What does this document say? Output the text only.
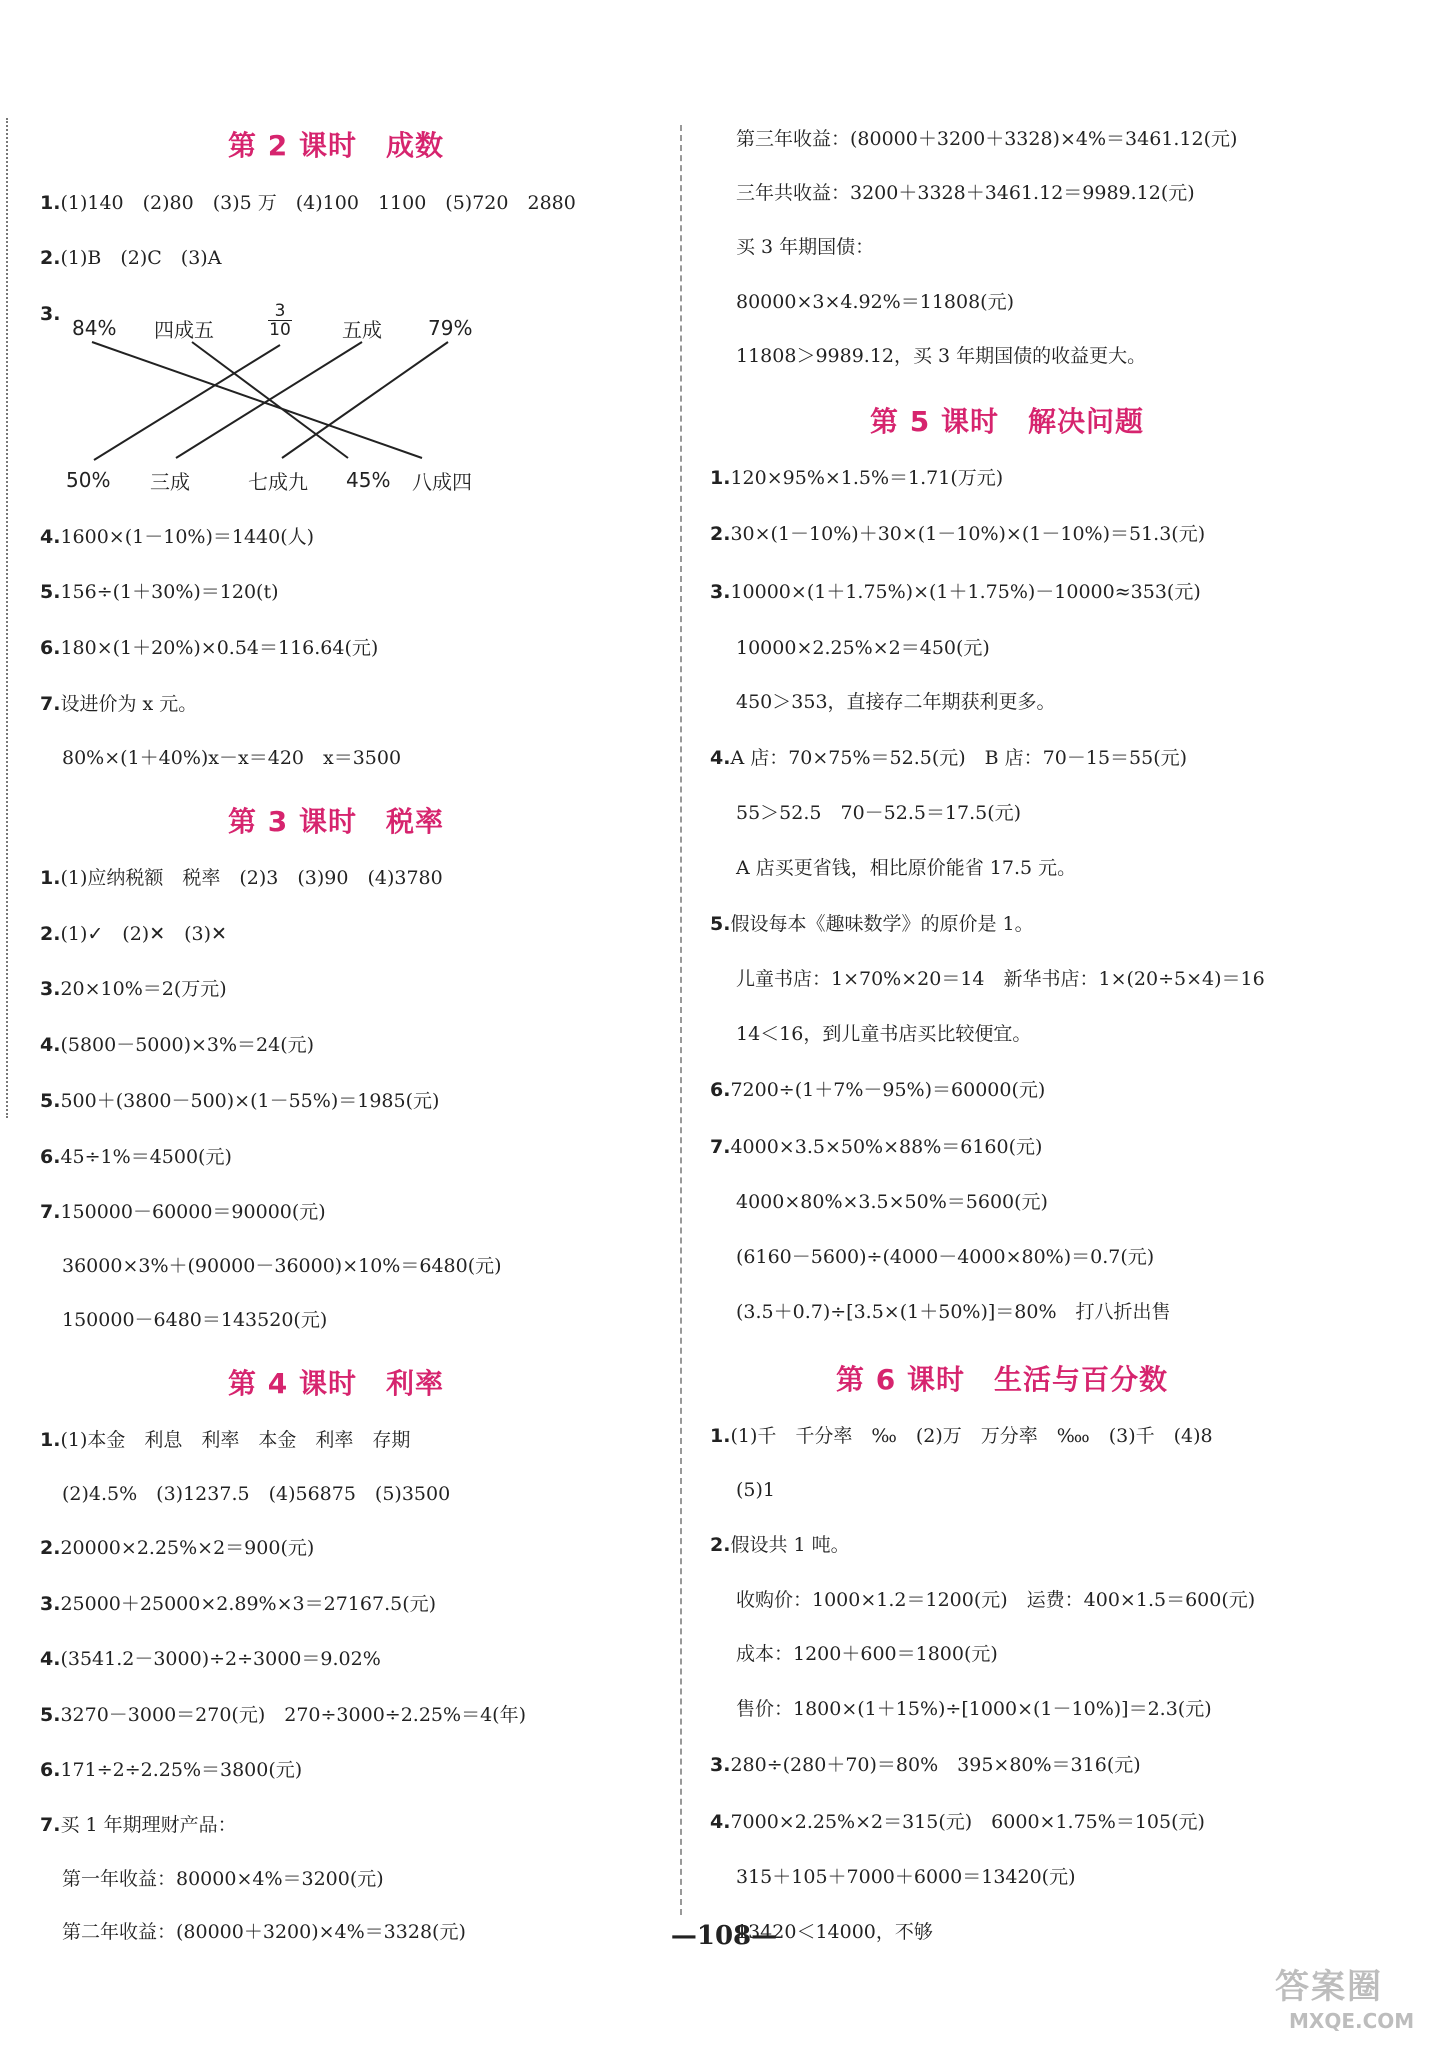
第 2 课时　成数
1.(1)140　(2)80　(3)5 万　(4)100　1100　(5)720　2880
2.(1)B　(2)C　(3)A
3.
84% 四成五	$\frac{3}{10}$	五成 79%
50% 三成	七成九 45% 八成四
4.1600×(1－10%)＝1440(人)
5.156÷(1＋30%)＝120(t)
6.180×(1＋20%)×0.54＝116.64(元)
7.设进价为 x 元。
80%×(1＋40%)x－x＝420　x＝3500
第 3 课时　税率
1.(1)应纳税额　税率　(2)3　(3)90　(4)3780
2.(1)✓　(2)✕　(3)✕
3.20×10%＝2(万元)
4.(5800－5000)×3%＝24(元)
5.500＋(3800－500)×(1－55%)＝1985(元)
6.45÷1%＝4500(元)
7.150000－60000＝90000(元)
36000×3%＋(90000－36000)×10%＝6480(元)
150000－6480＝143520(元)
第 4 课时　利率
1.(1)本金　利息　利率　本金　利率　存期
(2)4.5%　(3)1237.5　(4)56875　(5)3500
2.20000×2.25%×2＝900(元)
3.25000＋25000×2.89%×3＝27167.5(元)
4.(3541.2－3000)÷2÷3000＝9.02%
5.3270－3000＝270(元)　270÷3000÷2.25%＝4(年)
6.171÷2÷2.25%＝3800(元)
7.买 1 年期理财产品：
第一年收益：80000×4%＝3200(元)
第二年收益：(80000＋3200)×4%＝3328(元)
第三年收益：(80000＋3200＋3328)×4%＝3461.12(元)
三年共收益：3200＋3328＋3461.12＝9989.12(元)
买 3 年期国债：
80000×3×4.92%＝11808(元)
11808＞9989.12，买 3 年期国债的收益更大。
第 5 课时　解决问题
1.120×95%×1.5%＝1.71(万元)
2.30×(1－10%)＋30×(1－10%)×(1－10%)＝51.3(元)
3.10000×(1＋1.75%)×(1＋1.75%)－10000≈353(元)
10000×2.25%×2＝450(元)
450＞353，直接存二年期获利更多。
4.A 店：70×75%＝52.5(元)　B 店：70－15＝55(元)
55＞52.5　70－52.5＝17.5(元)
A 店买更省钱，相比原价能省 17.5 元。
5.假设每本《趣味数学》的原价是 1。
儿童书店：1×70%×20＝14　新华书店：1×(20÷5×4)＝16
14＜16，到儿童书店买比较便宜。
6.7200÷(1＋7%－95%)＝60000(元)
7.4000×3.5×50%×88%＝6160(元)
4000×80%×3.5×50%＝5600(元)
(6160－5600)÷(4000－4000×80%)＝0.7(元)
(3.5＋0.7)÷[3.5×(1＋50%)]＝80%　打八折出售
第 6 课时　生活与百分数
1.(1)千　千分率　‰　(2)万　万分率　‱　(3)千　(4)8
(5)1
2.假设共 1 吨。
收购价：1000×1.2＝1200(元)　运费：400×1.5＝600(元)
成本：1200＋600＝1800(元)
售价：1800×(1＋15%)÷[1000×(1－10%)]＝2.3(元)
3.280÷(280＋70)＝80%　395×80%＝316(元)
4.7000×2.25%×2＝315(元)　6000×1.75%＝105(元)
315＋105＋7000＋6000＝13420(元)
13420＜14000，不够
—108—
答案圈
MXQE.COM
